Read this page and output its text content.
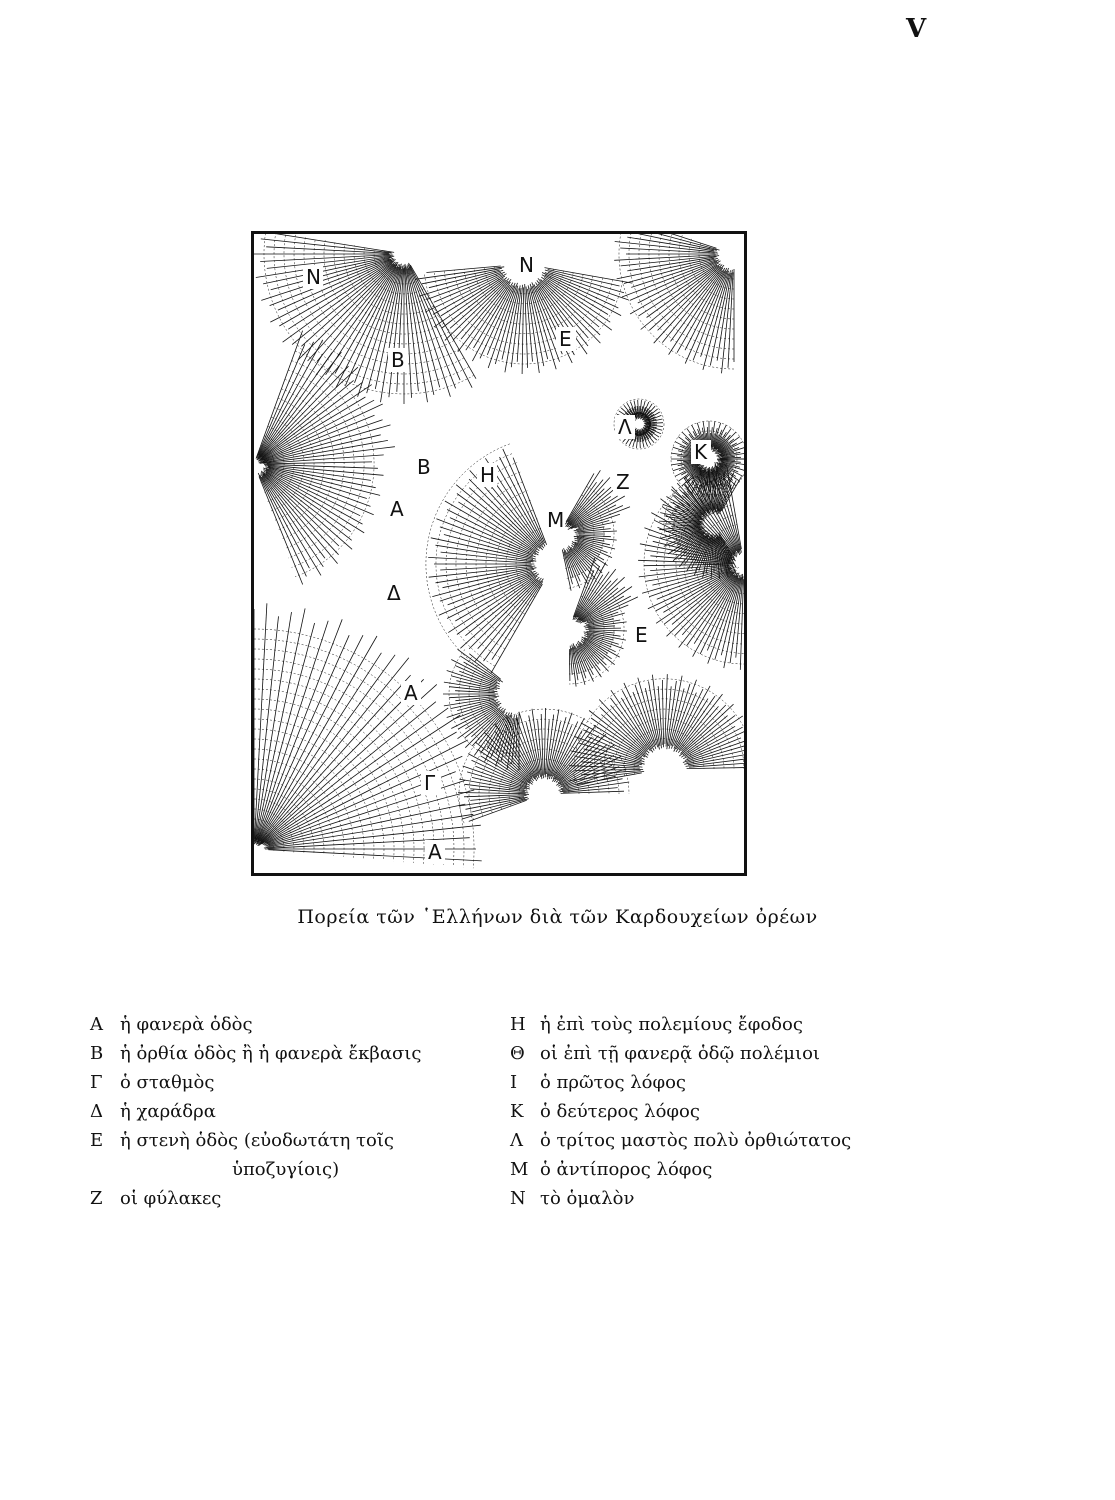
V
N	N
B
E
Λ
K
B H	Z
A	M
Δ
E
A
Γ
A
Πορεία τῶν ῾Ελλήνων διὰ τῶν Καρδουχείων ὀρέων
A ἡ φανερὰ ὁδὸς
B ἡ ὀρθία ὁδὸς ἢ ἡ φανερὰ ἔκβασις
Γ ὁ σταθμὸς
Δ ἡ χαράδρα
E ἡ στενὴ ὁδὸς (εὐοδωτάτη τοῖς
ὑποζυγίοις)
Z οἱ φύλακες
H ἡ ἐπὶ τοὺς πολεμίους ἔφοδος
Θ οἱ ἐπὶ τῇ φανερᾷ ὁδῷ πολέμιοι
I	ὁ πρῶτος λόφος
K ὁ δεύτερος λόφος
Λ ὁ τρίτος μαστὸς πολὺ ὀρθιώτατος
M ὁ ἀντίπορος λόφος
N τὸ ὁμαλὸν
